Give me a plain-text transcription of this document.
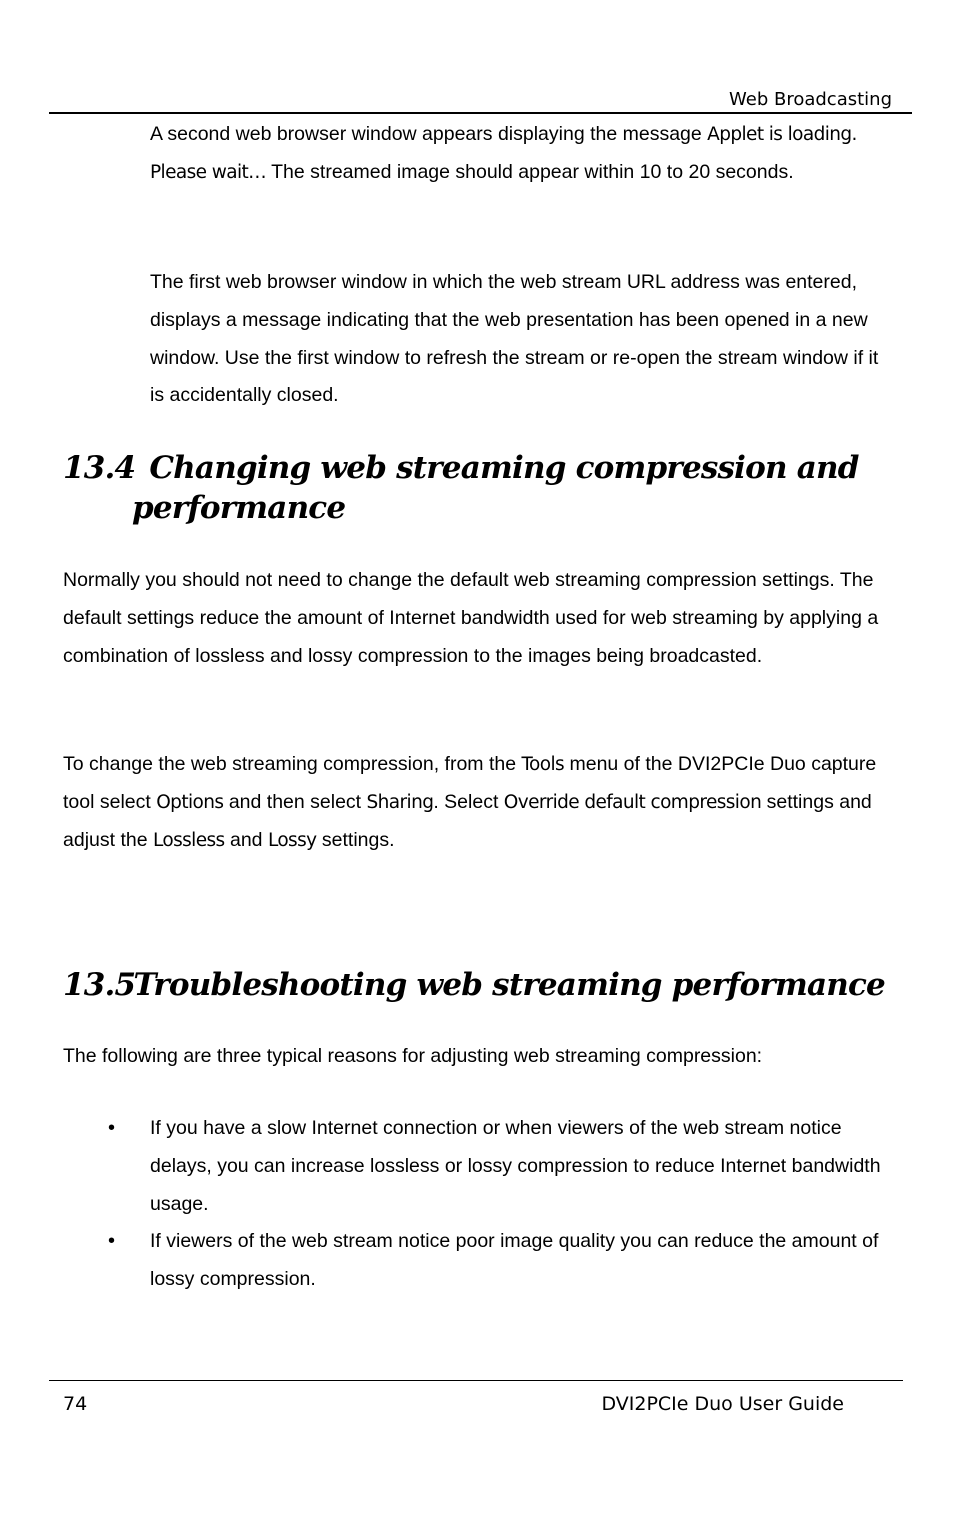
Web Broadcasting

A second web browser window appears displaying the message Applet is loading. Please wait… The streamed image should appear within 10 to 20 seconds.

The first web browser window in which the web stream URL address was entered, displays a message indicating that the web presentation has been opened in a new window. Use the first window to refresh the stream or re-open the stream window if it is accidentally closed.

13.4 Changing web streaming compression and
performance

Normally you should not need to change the default web streaming compression settings. The default settings reduce the amount of Internet bandwidth used for web streaming by applying a combination of lossless and lossy compression to the images being broadcasted.

To change the web streaming compression, from the Tools menu of the DVI2PCIe Duo capture tool select Options and then select Sharing. Select Override default compression settings and adjust the Lossless and Lossy settings.

13.5Troubleshooting web streaming performance

The following are three typical reasons for adjusting web streaming compression:

• If you have a slow Internet connection or when viewers of the web stream notice delays, you can increase lossless or lossy compression to reduce Internet bandwidth usage.
• If viewers of the web stream notice poor image quality you can reduce the amount of lossy compression.
74	DVI2PCIe Duo User Guide
